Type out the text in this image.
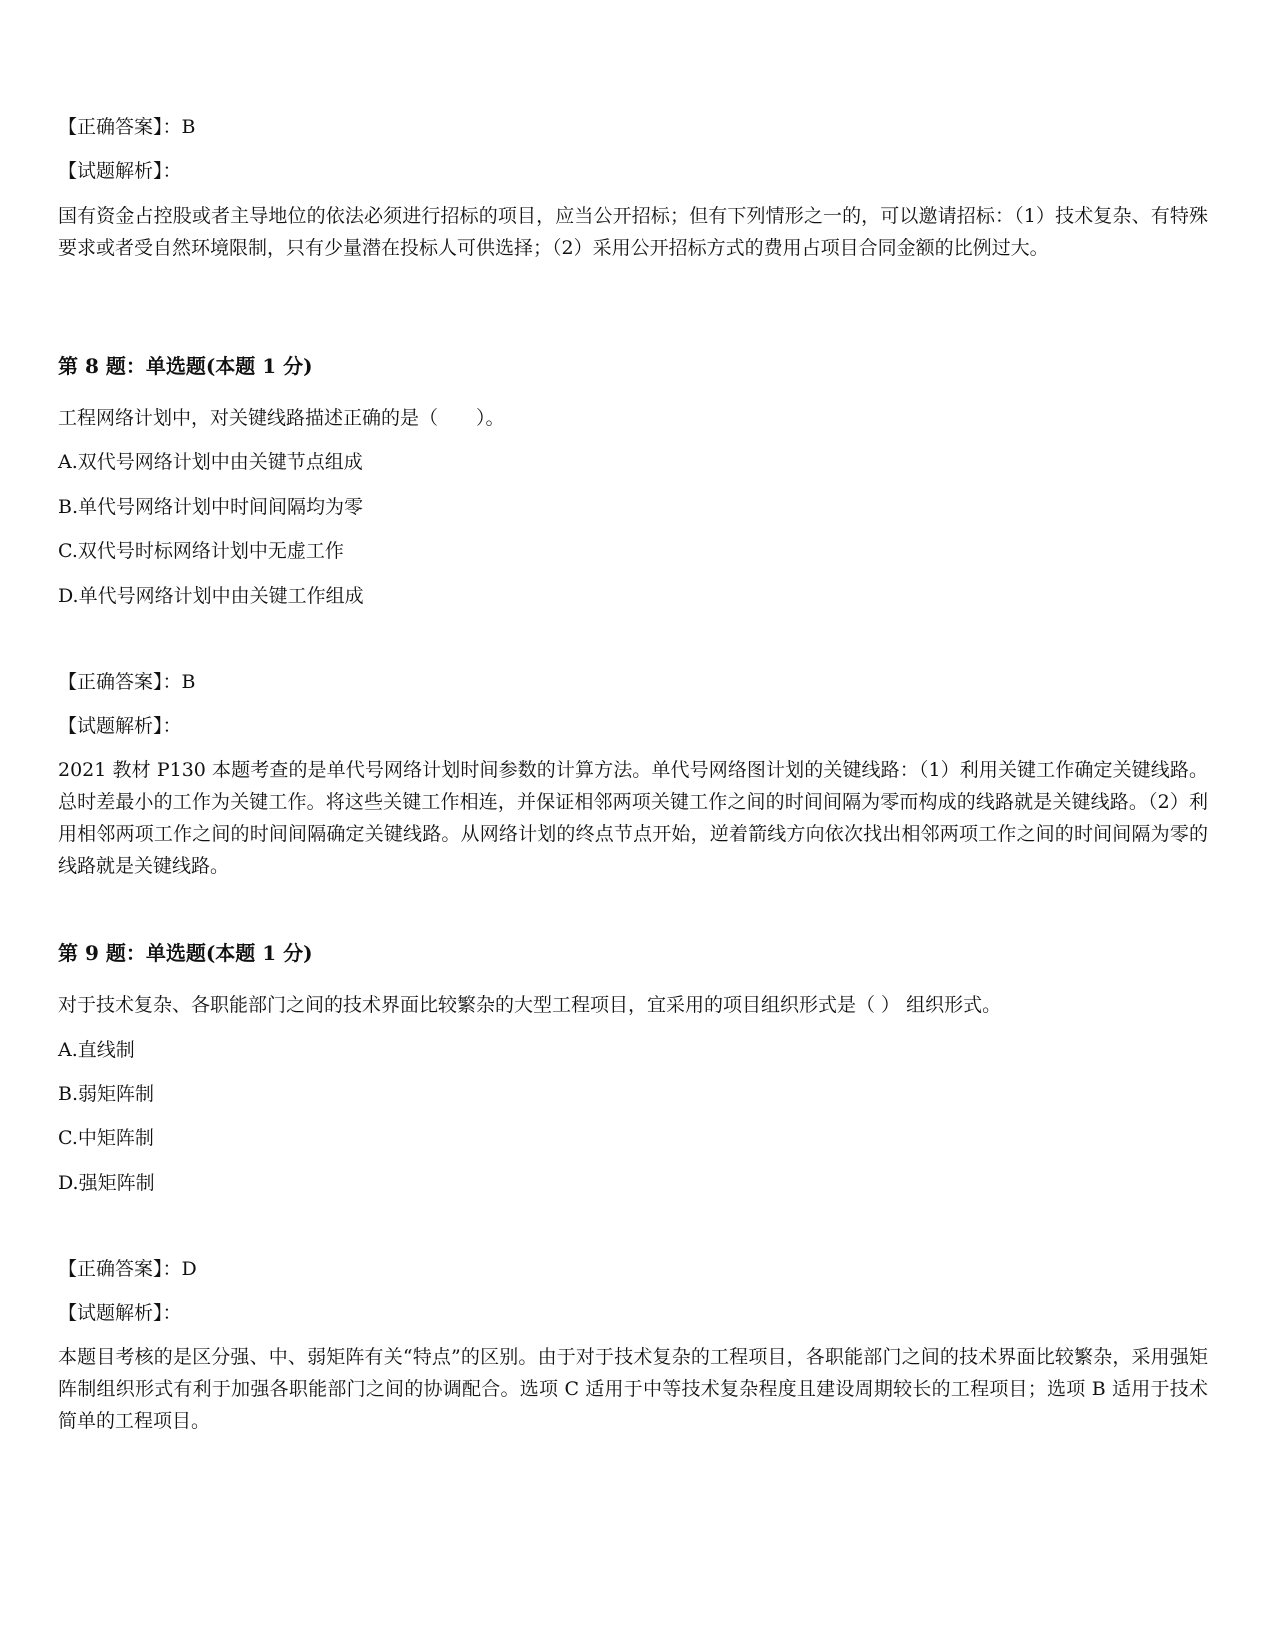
【正确答案】：B
【试题解析】：
国有资金占控股或者主导地位的依法必须进行招标的项目，应当公开招标；但有下列情形之一的，可以邀请招标：（1）技术复杂、有特殊要求或者受自然环境限制，只有少量潜在投标人可供选择；（2）采用公开招标方式的费用占项目合同金额的比例过大。
第 8 题：单选题(本题 1 分)
工程网络计划中，对关键线路描述正确的是（　　）。
A.双代号网络计划中由关键节点组成
B.单代号网络计划中时间间隔均为零
C.双代号时标网络计划中无虚工作
D.单代号网络计划中由关键工作组成
【正确答案】：B
【试题解析】：
2021 教材 P130 本题考查的是单代号网络计划时间参数的计算方法。单代号网络图计划的关键线路：（1）利用关键工作确定关键线路。总时差最小的工作为关键工作。将这些关键工作相连，并保证相邻两项关键工作之间的时间间隔为零而构成的线路就是关键线路。（2）利用相邻两项工作之间的时间间隔确定关键线路。从网络计划的终点节点开始，逆着箭线方向依次找出相邻两项工作之间的时间间隔为零的线路就是关键线路。
第 9 题：单选题(本题 1 分)
对于技术复杂、各职能部门之间的技术界面比较繁杂的大型工程项目，宜采用的项目组织形式是（ ） 组织形式。
A.直线制
B.弱矩阵制
C.中矩阵制
D.强矩阵制
【正确答案】：D
【试题解析】：
本题目考核的是区分强、中、弱矩阵有关“特点”的区别。由于对于技术复杂的工程项目，各职能部门之间的技术界面比较繁杂，采用强矩阵制组织形式有利于加强各职能部门之间的协调配合。选项 C 适用于中等技术复杂程度且建设周期较长的工程项目；选项 B 适用于技术简单的工程项目。
